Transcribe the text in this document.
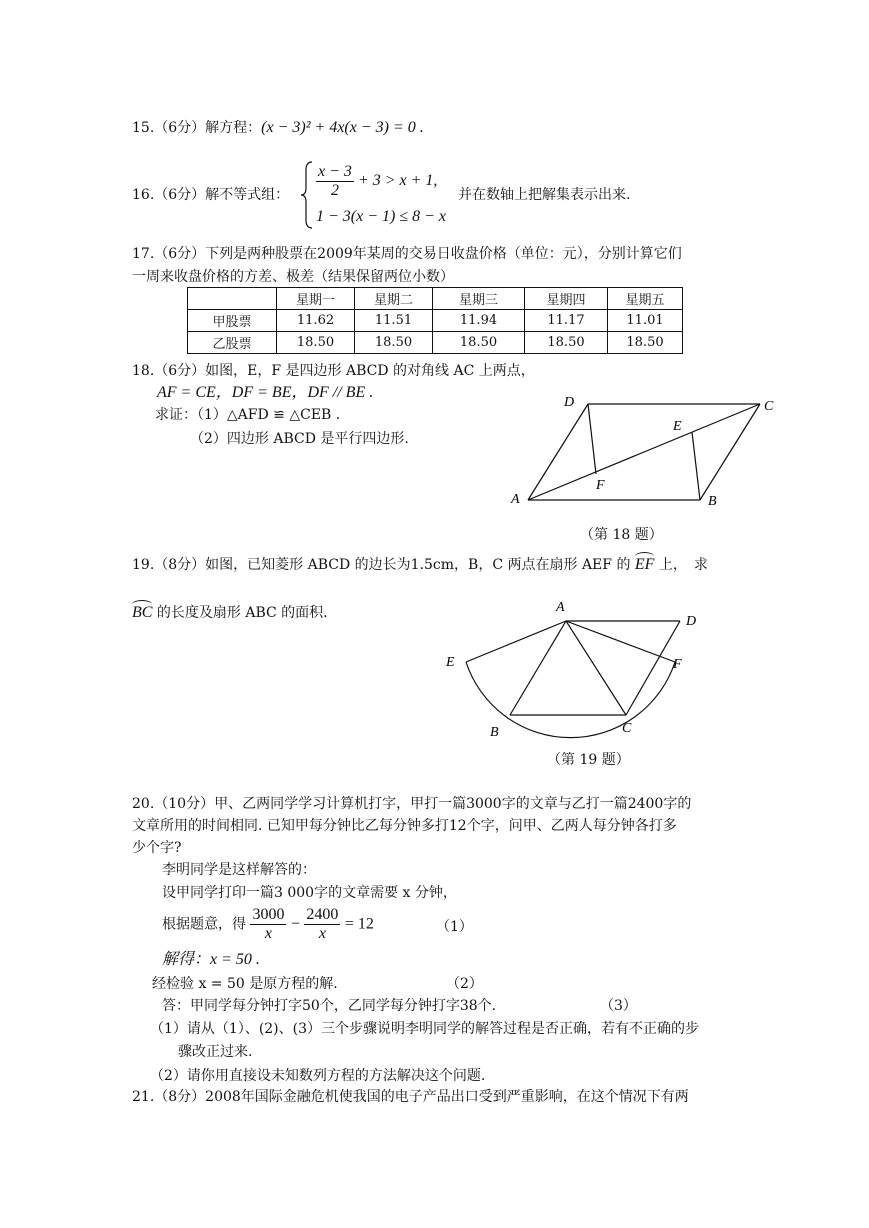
15.（6分）解方程：(x − 3)² + 4x(x − 3) = 0 .
16.（6分）解不等式组： $\frac{x - 3}{2} + 3 > x + 1$,
1 − 3(x − 1) ≤ 8 − x
并在数轴上把解集表示出来.
17.（6分）下列是两种股票在2009年某周的交易日收盘价格（单位：元），分别计算它们
一周来收盘价格的方差、极差（结果保留两位小数）
	星期一	星期二	星期三	星期四	星期五
甲股票	11.62	11.51	11.94	11.17	11.01
乙股票	18.50	18.50	18.50	18.50	18.50
18.（6分）如图，E，F 是四边形 ABCD 的对角线 AC 上两点，
AF = CE，DF = BE，DF // BE .
求证：（1）△AFD ≌ △CEB .
（2）四边形 ABCD 是平行四边形.
D	C
E
F
A	B
（第 18 题）
19.（8分）如图，已知菱形 ABCD 的边长为1.5cm，B，C 两点在扇形 AEF 的 EF 上，　求
BC 的长度及扇形 ABC 的面积.	A
D
E	F
B	C
（第 19 题）
20.（10分）甲、乙两同学学习计算机打字，甲打一篇3000字的文章与乙打一篇2400字的
文章所用的时间相同. 已知甲每分钟比乙每分钟多打12个字，问甲、乙两人每分钟各打多
少个字?
李明同学是这样解答的：
设甲同学打印一篇3 000字的文章需要 x 分钟，
根据题意，得 $\frac{3000}{x} - \frac{2400}{x} = 12$	（1）
解得：x = 50 .
经检验 x = 50 是原方程的解.	（2）
答：甲同学每分钟打字50个，乙同学每分钟打字38个.	（3）
（1）请从（1）、(2)、(3）三个步骤说明李明同学的解答过程是否正确，若有不正确的步
骤改正过来.
（2）请你用直接设未知数列方程的方法解决这个问题.
21.（8分）2008年国际金融危机使我国的电子产品出口受到严重影响，在这个情况下有两
